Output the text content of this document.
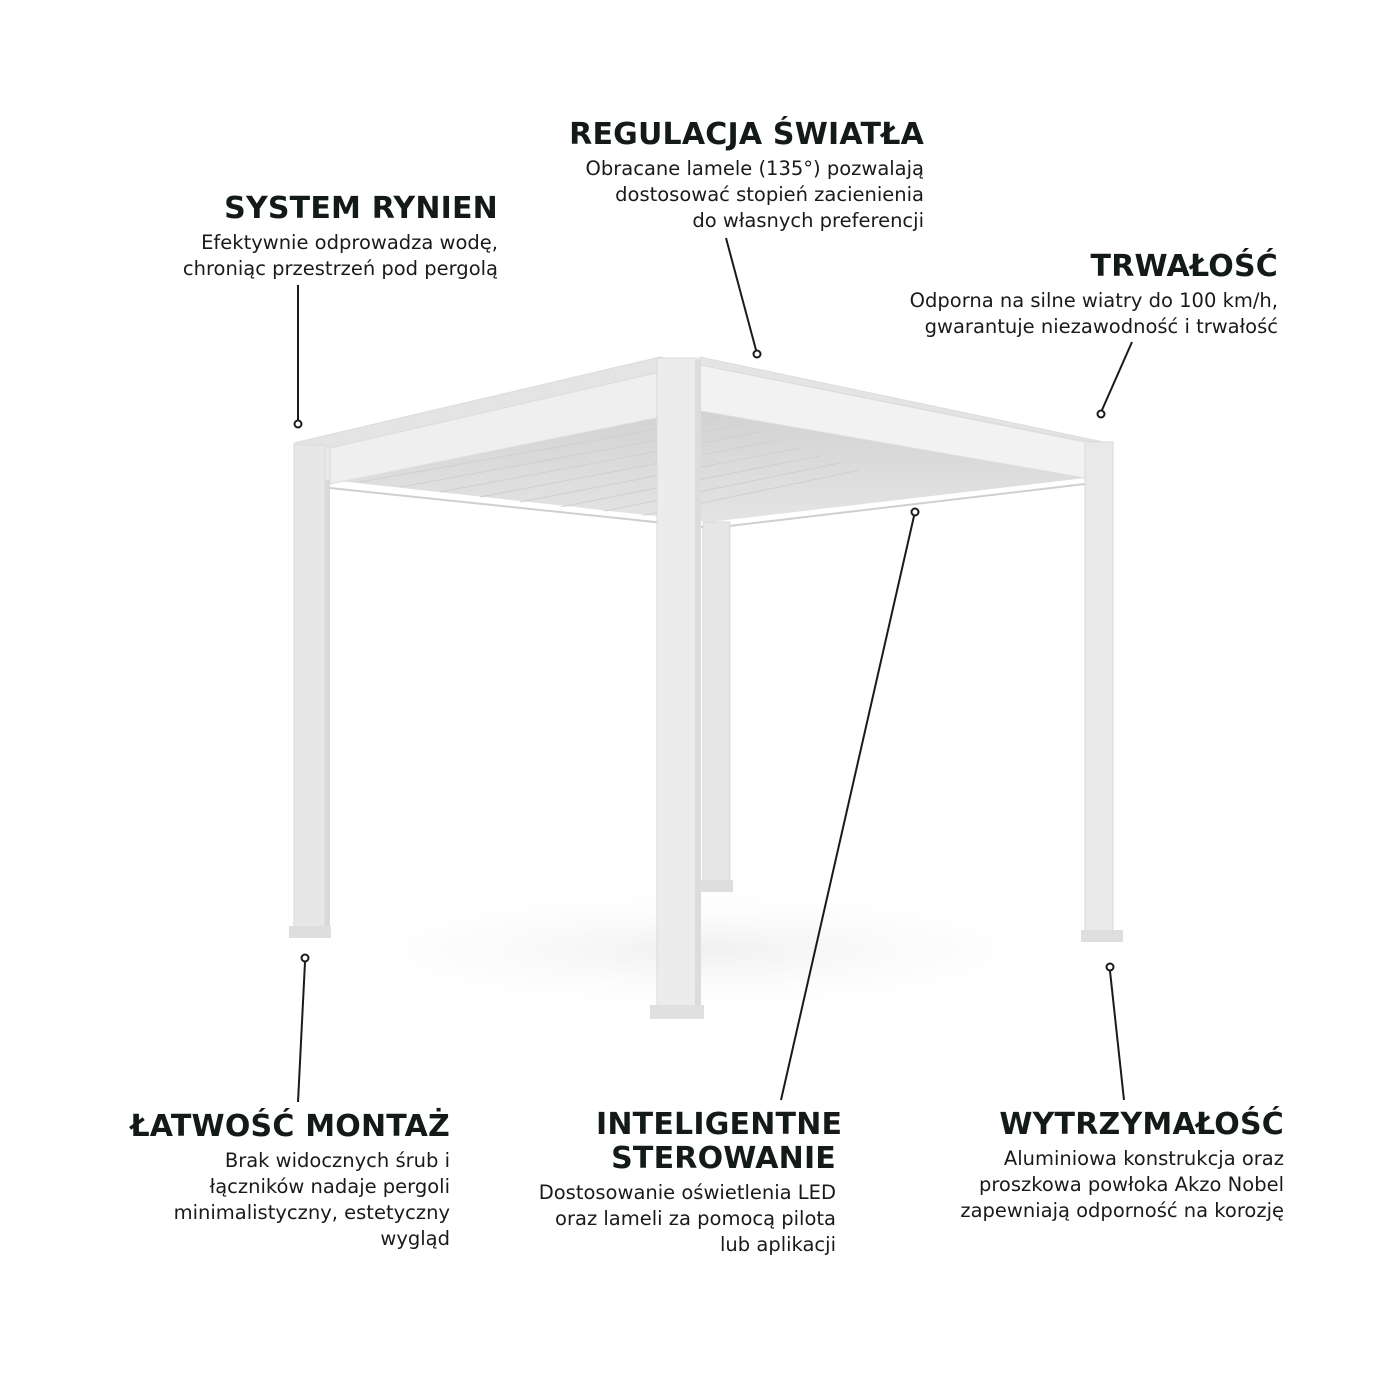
SYSTEM RYNIEN
Efektywnie odprowadza wodę,
chroniąc przestrzeń pod pergolą
REGULACJA ŚWIATŁA
Obracane lamele (135°) pozwalają
dostosować stopień zacienienia
do własnych preferencji
TRWAŁOŚĆ
Odporna na silne wiatry do 100 km/h,
gwarantuje niezawodność i trwałość
ŁATWOŚĆ MONTAŻ
Brak widocznych śrub i
łączników nadaje pergoli
minimalistyczny, estetyczny
wygląd
INTELIGENTNE STEROWANIE
Dostosowanie oświetlenia LED
oraz lameli za pomocą pilota
lub aplikacji
WYTRZYMAŁOŚĆ
Aluminiowa konstrukcja oraz
proszkowa powłoka Akzo Nobel
zapewniają odporność na korozję
